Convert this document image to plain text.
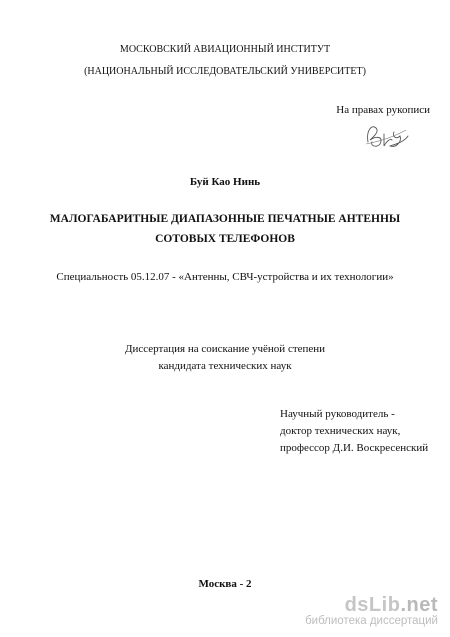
МОСКОВСКИЙ АВИАЦИОННЫЙ ИНСТИТУТ
(НАЦИОНАЛЬНЫЙ ИССЛЕДОВАТЕЛЬСКИЙ УНИВЕРСИТЕТ)
На правах рукописи
Буй Као Нинь
МАЛОГАБАРИТНЫЕ ДИАПАЗОННЫЕ ПЕЧАТНЫЕ АНТЕННЫ
СОТОВЫХ ТЕЛЕФОНОВ
Специальность 05.12.07 - «Антенны, СВЧ-устройства и их технологии»
Диссертация на соискание учёной степени
кандидата технических наук
Научный руководитель -
доктор технических наук,
профессор Д.И. Воскресенский
Москва - 2
dsLib.net
библиотека диссертаций
